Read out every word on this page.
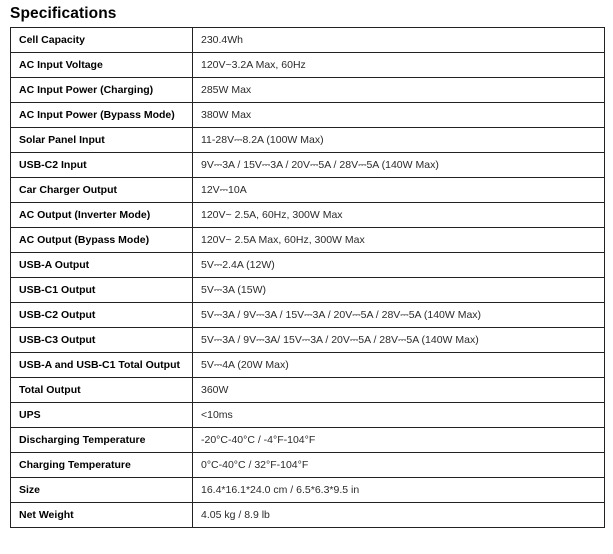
Specifications
Cell Capacity	230.4Wh
AC Input Voltage	120V~3.2A Max, 60Hz
AC Input Power (Charging)	285W Max
AC Input Power (Bypass Mode)	380W Max
Solar Panel Input	11-28V⎓8.2A (100W Max)
USB-C2 Input	9V⎓3A / 15V⎓3A / 20V⎓5A / 28V⎓5A (140W Max)
Car Charger Output	12V⎓10A
AC Output (Inverter Mode)	120V~ 2.5A, 60Hz, 300W Max
AC Output (Bypass Mode)	120V~ 2.5A Max, 60Hz, 300W Max
USB-A Output	5V⎓2.4A (12W)
USB-C1 Output	5V⎓3A (15W)
USB-C2 Output	5V⎓3A / 9V⎓3A / 15V⎓3A / 20V⎓5A / 28V⎓5A (140W Max)
USB-C3 Output	5V⎓3A / 9V⎓3A/ 15V⎓3A / 20V⎓5A / 28V⎓5A (140W Max)
USB-A and USB-C1 Total Output	5V⎓4A (20W Max)
Total Output	360W
UPS	<10ms
Discharging Temperature	-20°C-40°C / -4°F-104°F
Charging Temperature	0°C-40°C / 32°F-104°F
Size	16.4*16.1*24.0 cm / 6.5*6.3*9.5 in
Net Weight	4.05 kg / 8.9 lb
